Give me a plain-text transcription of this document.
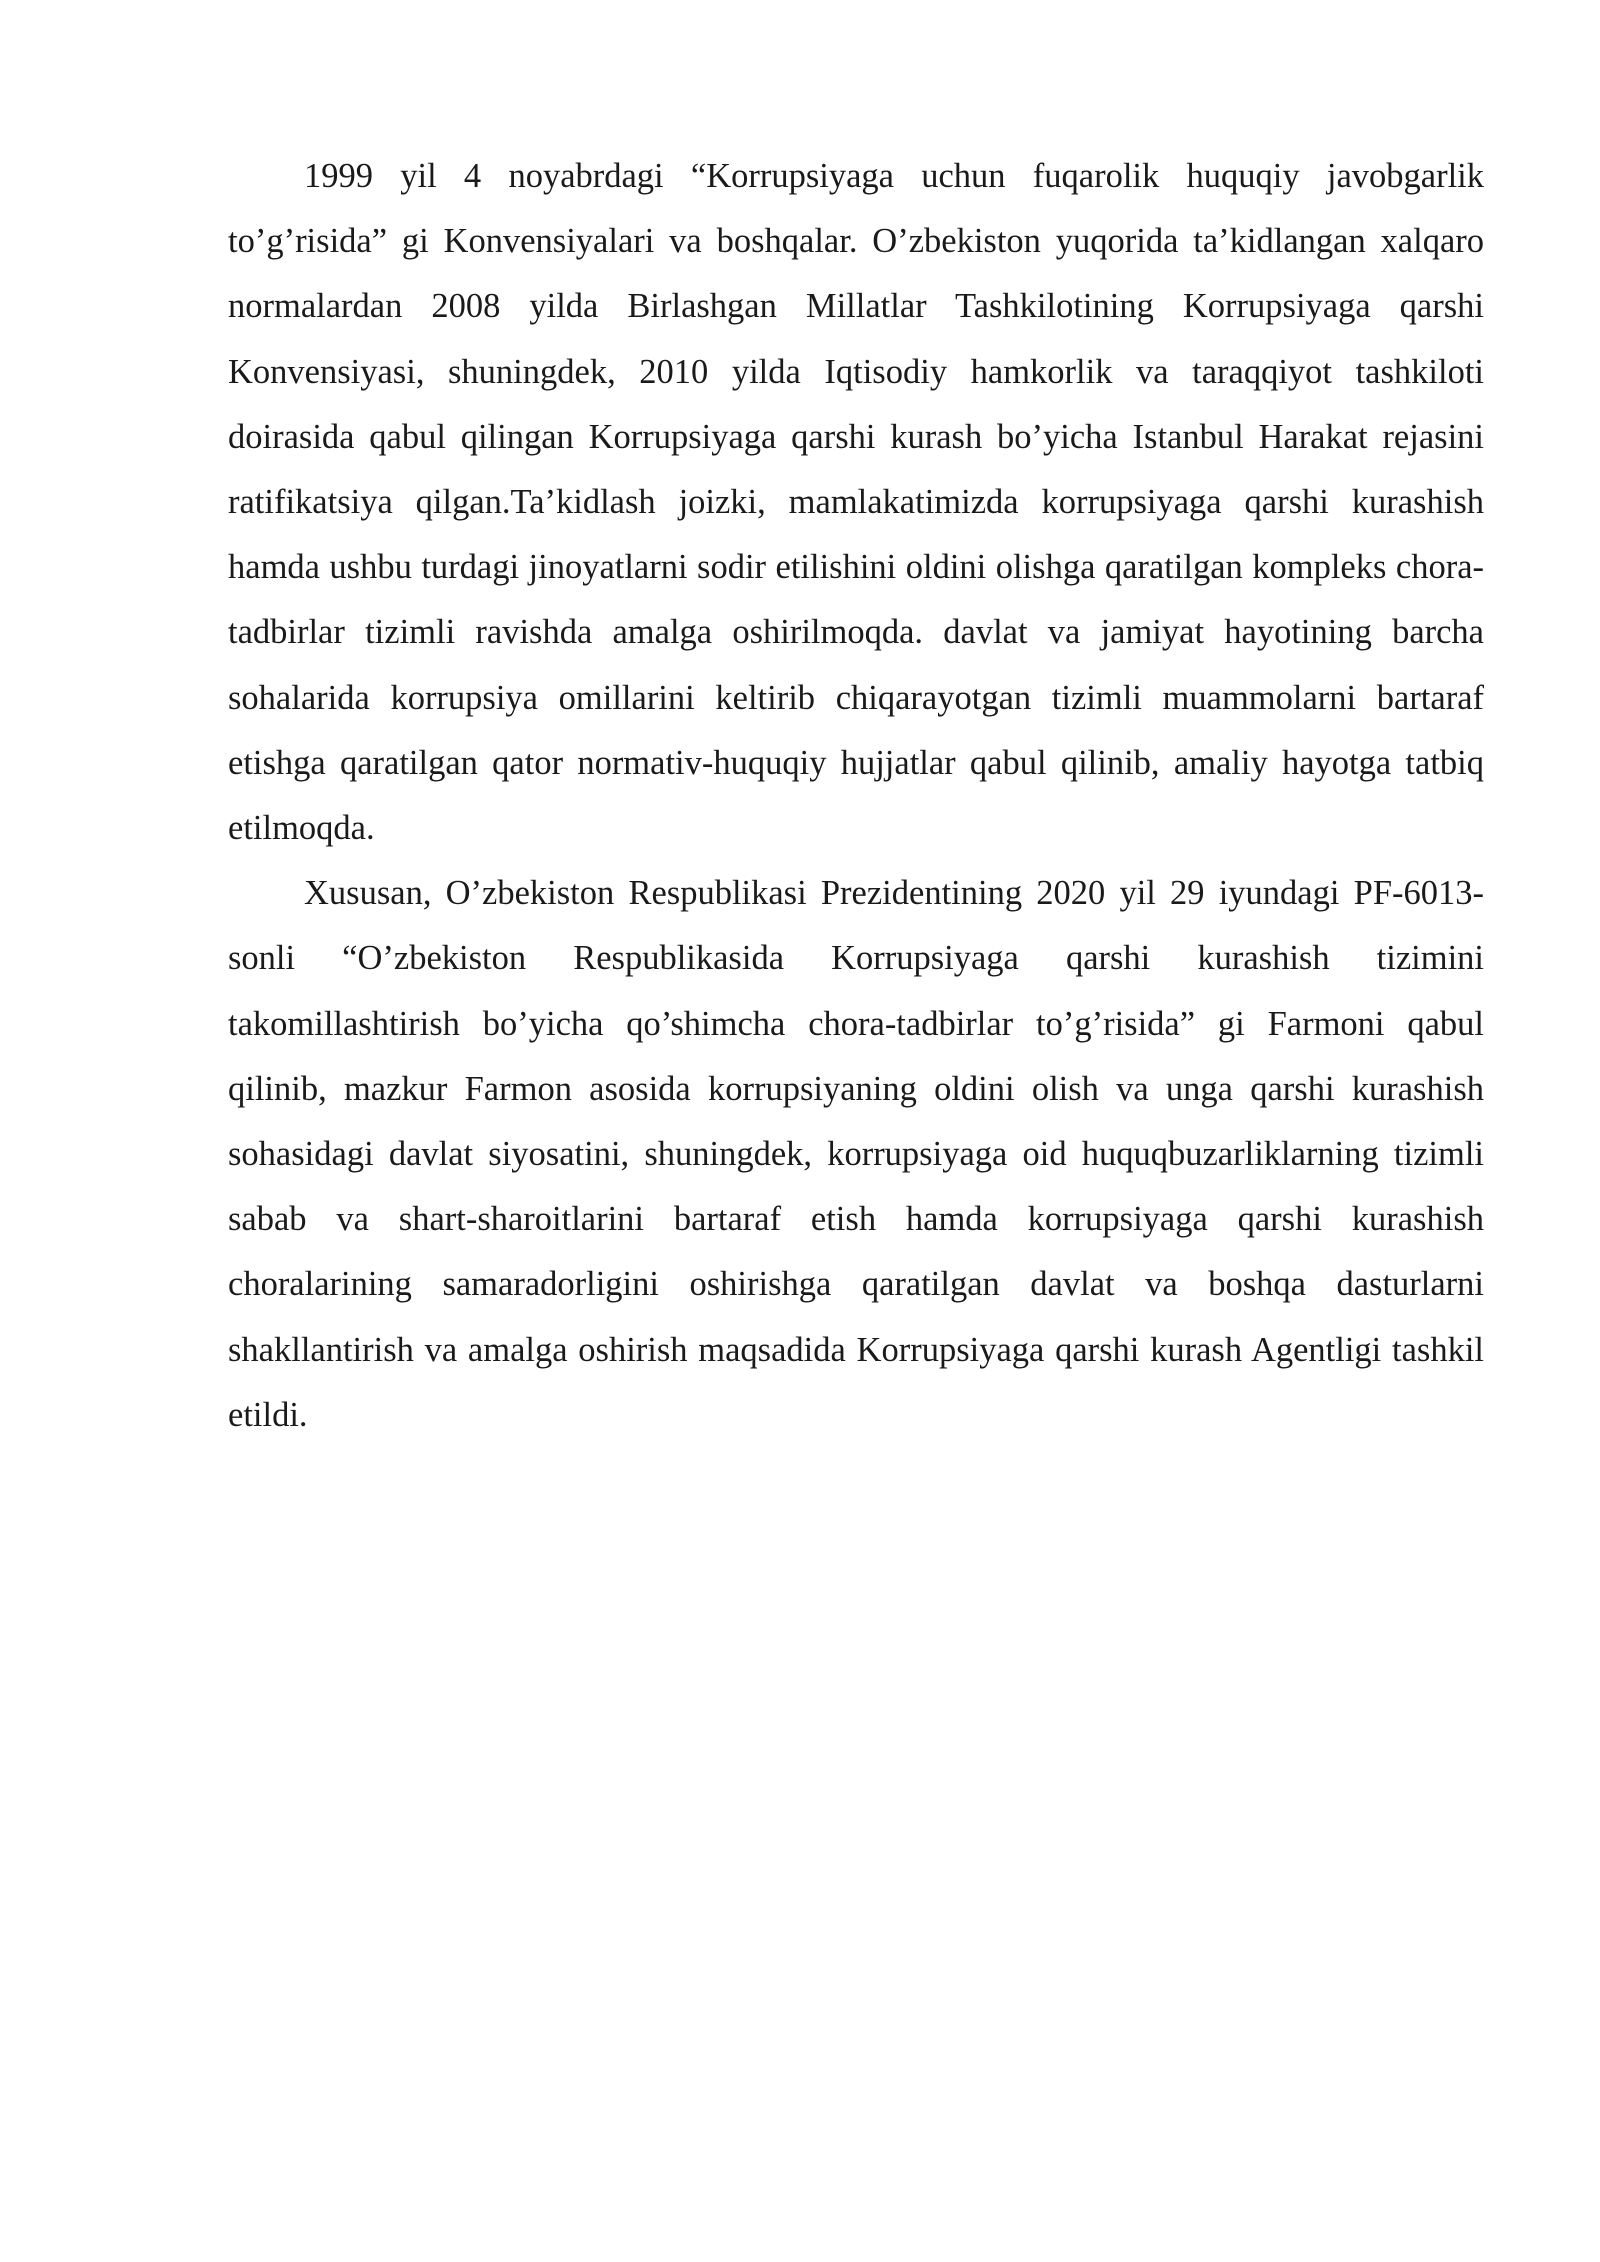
1999 yil 4 noyabrdagi “Korrupsiyaga uchun fuqarolik huquqiy javobgarlik to’g’risida” gi Konvensiyalari va boshqalar. O’zbekiston yuqorida ta’kidlangan xalqaro normalardan 2008 yilda Birlashgan Millatlar Tashkilotining Korrupsiyaga qarshi Konvensiyasi, shuningdek, 2010 yilda Iqtisodiy hamkorlik va taraqqiyot tashkiloti doirasida qabul qilingan Korrupsiyaga qarshi kurash bo’yicha Istanbul Harakat rejasini ratifikatsiya qilgan.Ta’kidlash joizki, mamlakatimizda korrupsiyaga qarshi kurashish hamda ushbu turdagi jinoyatlarni sodir etilishini oldini olishga qaratilgan kompleks chora-tadbirlar tizimli ravishda amalga oshirilmoqda. davlat va jamiyat hayotining barcha sohalarida korrupsiya omillarini keltirib chiqarayotgan tizimli muammolarni bartaraf etishga qaratilgan qator normativ-huquqiy hujjatlar qabul qilinib, amaliy hayotga tatbiq etilmoqda.

Xususan, O’zbekiston Respublikasi Prezidentining 2020 yil 29 iyundagi PF-6013-sonli “O’zbekiston Respublikasida Korrupsiyaga qarshi kurashish tizimini takomillashtirish bo’yicha qo’shimcha chora-tadbirlar to’g’risida” gi Farmoni qabul qilinib, mazkur Farmon asosida korrupsiyaning oldini olish va unga qarshi kurashish sohasidagi davlat siyosatini, shuningdek, korrupsiyaga oid huquqbuzarliklarning tizimli sabab va shart-sharoitlarini bartaraf etish hamda korrupsiyaga qarshi kurashish choralarining samaradorligini oshirishga qaratilgan davlat va boshqa dasturlarni shakllantirish va amalga oshirish maqsadida Korrupsiyaga qarshi kurash Agentligi tashkil etildi.
